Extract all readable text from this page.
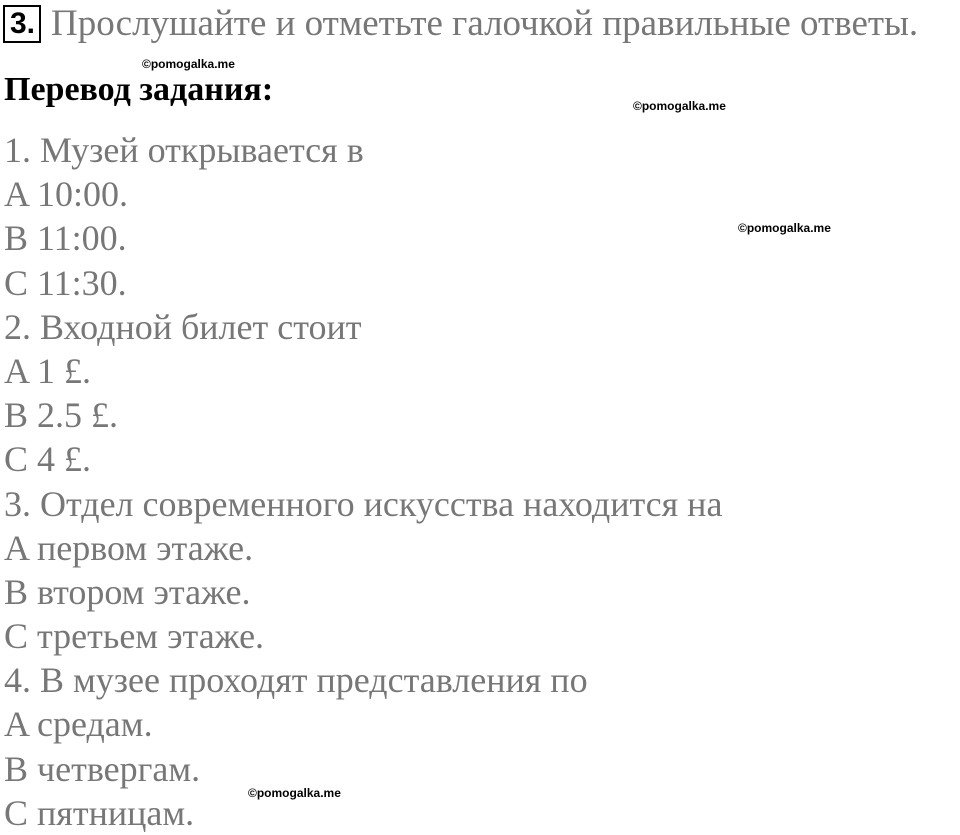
3. Прослушайте и отметьте галочкой правильные ответы.
©pomogalka.me
Перевод задания:	©pomogalka.me
©pomogalka.me
1. Музей открывается в
A 10:00.
B 11:00.
C 11:30.
2. Входной билет стоит
A 1 £.
B 2.5 £.
C 4 £.
3. Отдел современного искусства находится на
A первом этаже.
B втором этаже.
C третьем этаже.
4. В музее проходят представления по
A средам.
B четвергам.
C пятницам.	©pomogalka.me
